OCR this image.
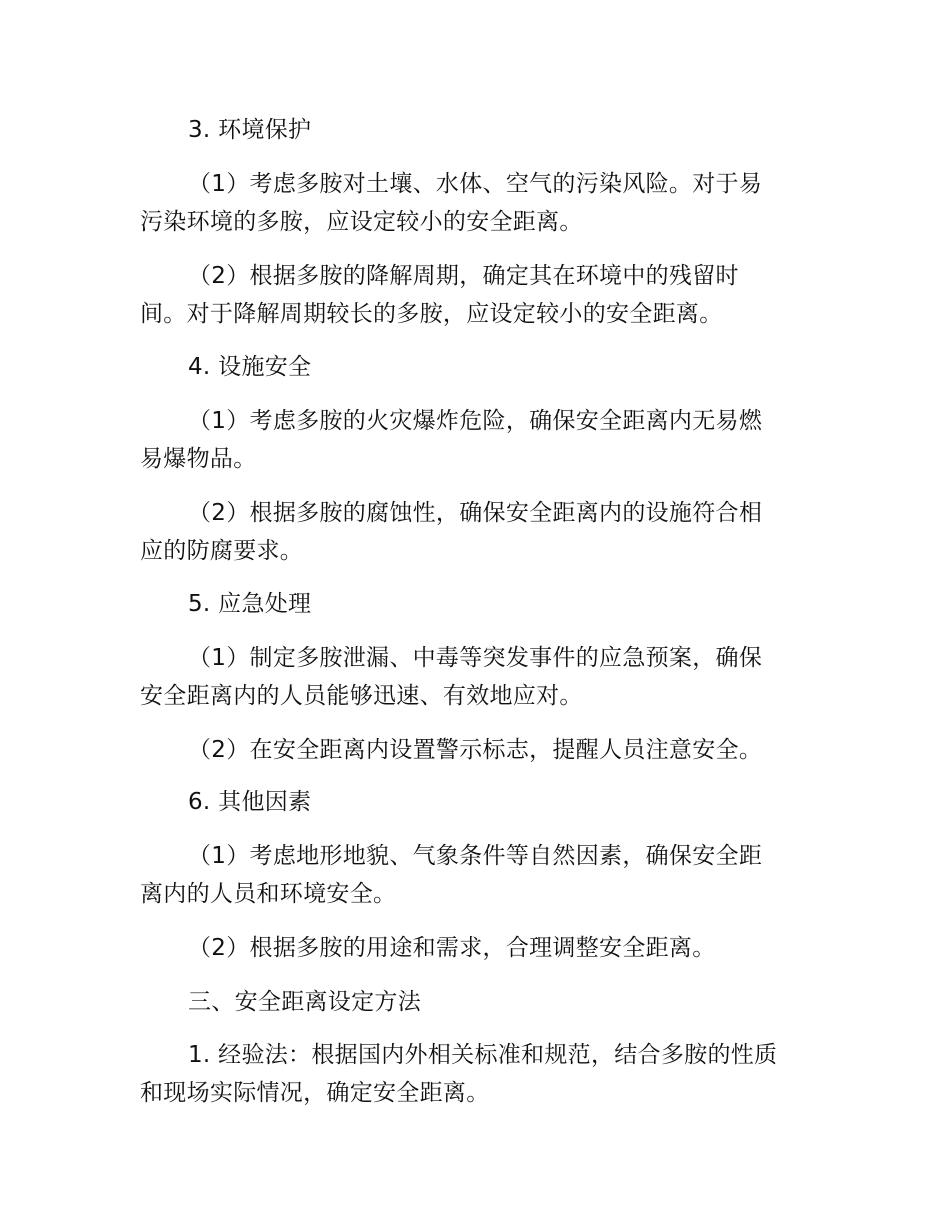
3. 环境保护
（1）考虑多胺对土壤、水体、空气的污染风险。对于易
污染环境的多胺，应设定较小的安全距离。
（2）根据多胺的降解周期，确定其在环境中的残留时
间。对于降解周期较长的多胺，应设定较小的安全距离。
4. 设施安全
（1）考虑多胺的火灾爆炸危险，确保安全距离内无易燃
易爆物品。
（2）根据多胺的腐蚀性，确保安全距离内的设施符合相
应的防腐要求。
5. 应急处理
（1）制定多胺泄漏、中毒等突发事件的应急预案，确保
安全距离内的人员能够迅速、有效地应对。
（2）在安全距离内设置警示标志，提醒人员注意安全。
6. 其他因素
（1）考虑地形地貌、气象条件等自然因素，确保安全距
离内的人员和环境安全。
（2）根据多胺的用途和需求，合理调整安全距离。
三、安全距离设定方法
1. 经验法：根据国内外相关标准和规范，结合多胺的性质
和现场实际情况，确定安全距离。
